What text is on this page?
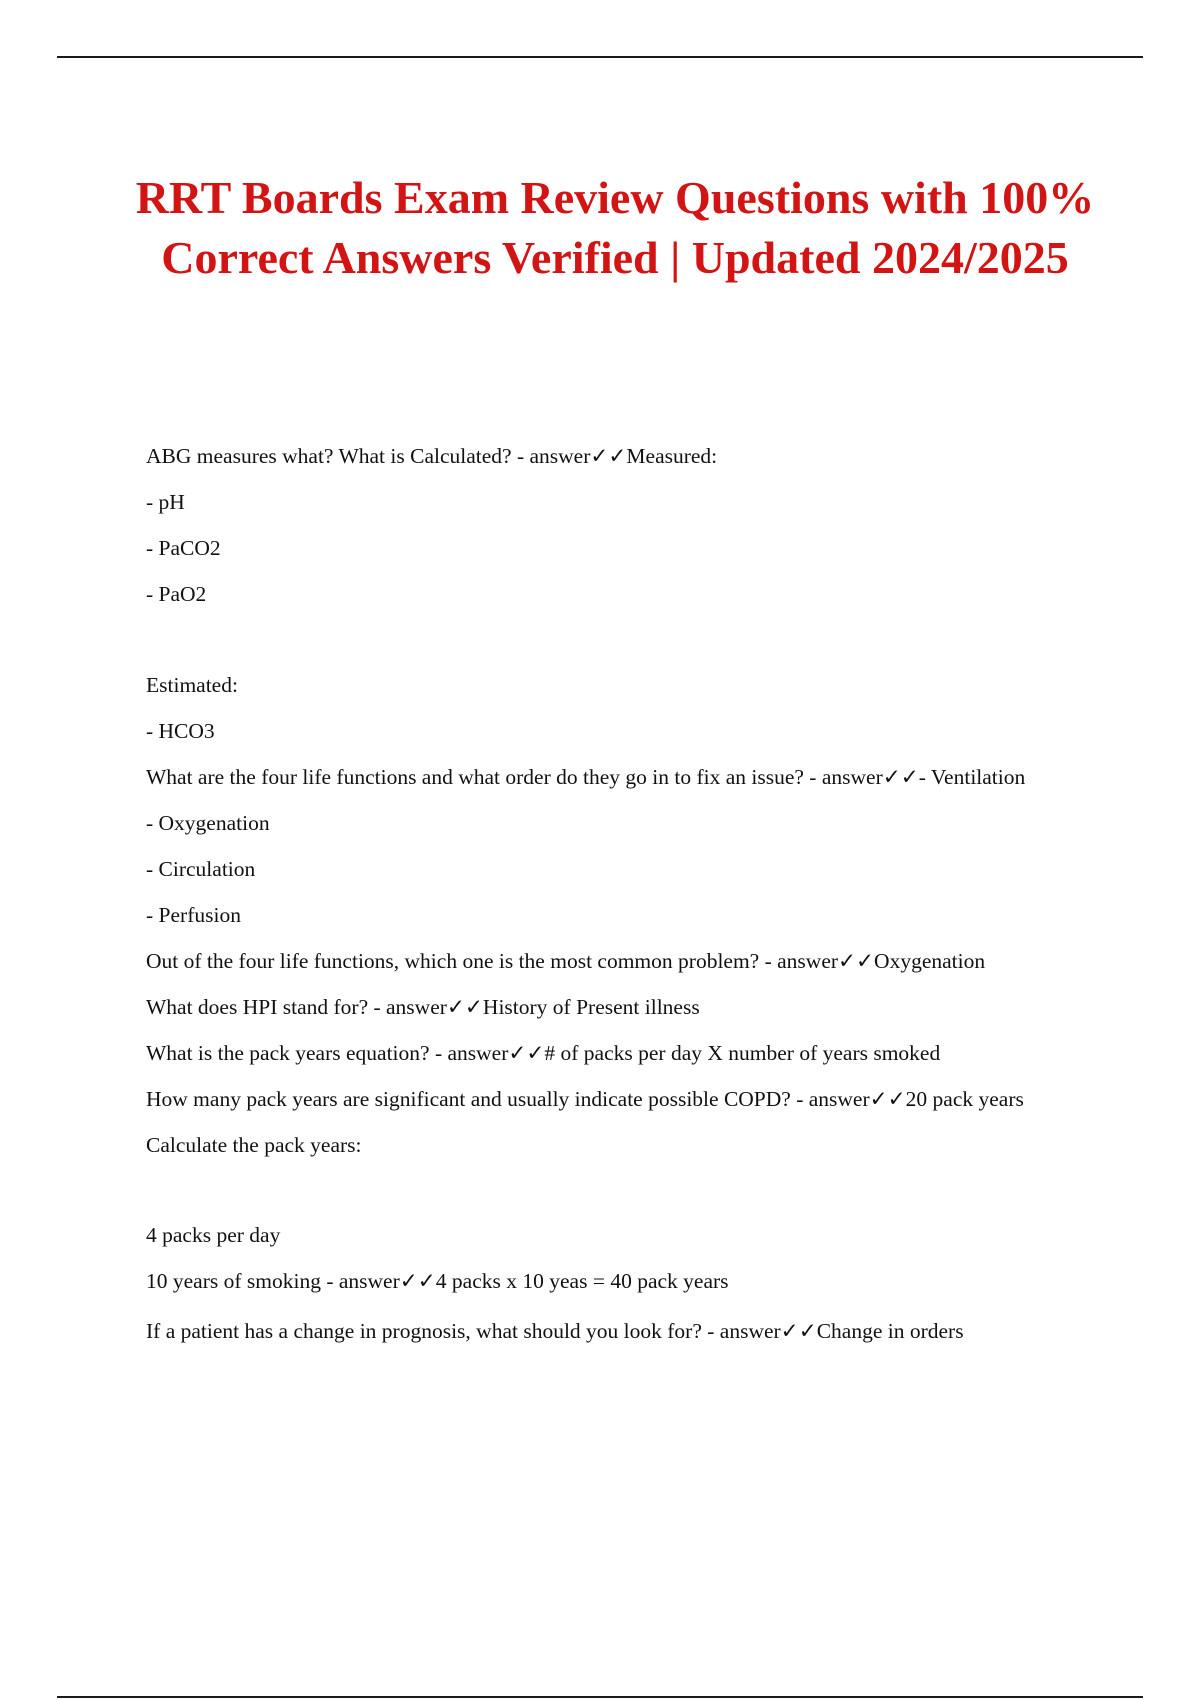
RRT Boards Exam Review Questions with 100% Correct Answers Verified | Updated 2024/2025

ABG measures what? What is Calculated? - answer✓✓Measured:

- pH

- PaCO2

- PaO2

Estimated:

- HCO3

What are the four life functions and what order do they go in to fix an issue? - answer✓✓- Ventilation

- Oxygenation

- Circulation

- Perfusion

Out of the four life functions, which one is the most common problem? - answer✓✓Oxygenation

What does HPI stand for? - answer✓✓History of Present illness

What is the pack years equation? - answer✓✓# of packs per day X number of years smoked

How many pack years are significant and usually indicate possible COPD? - answer✓✓20 pack years

Calculate the pack years:

4 packs per day

10 years of smoking - answer✓✓4 packs x 10 yeas = 40 pack years

If a patient has a change in prognosis, what should you look for? - answer✓✓Change in orders
